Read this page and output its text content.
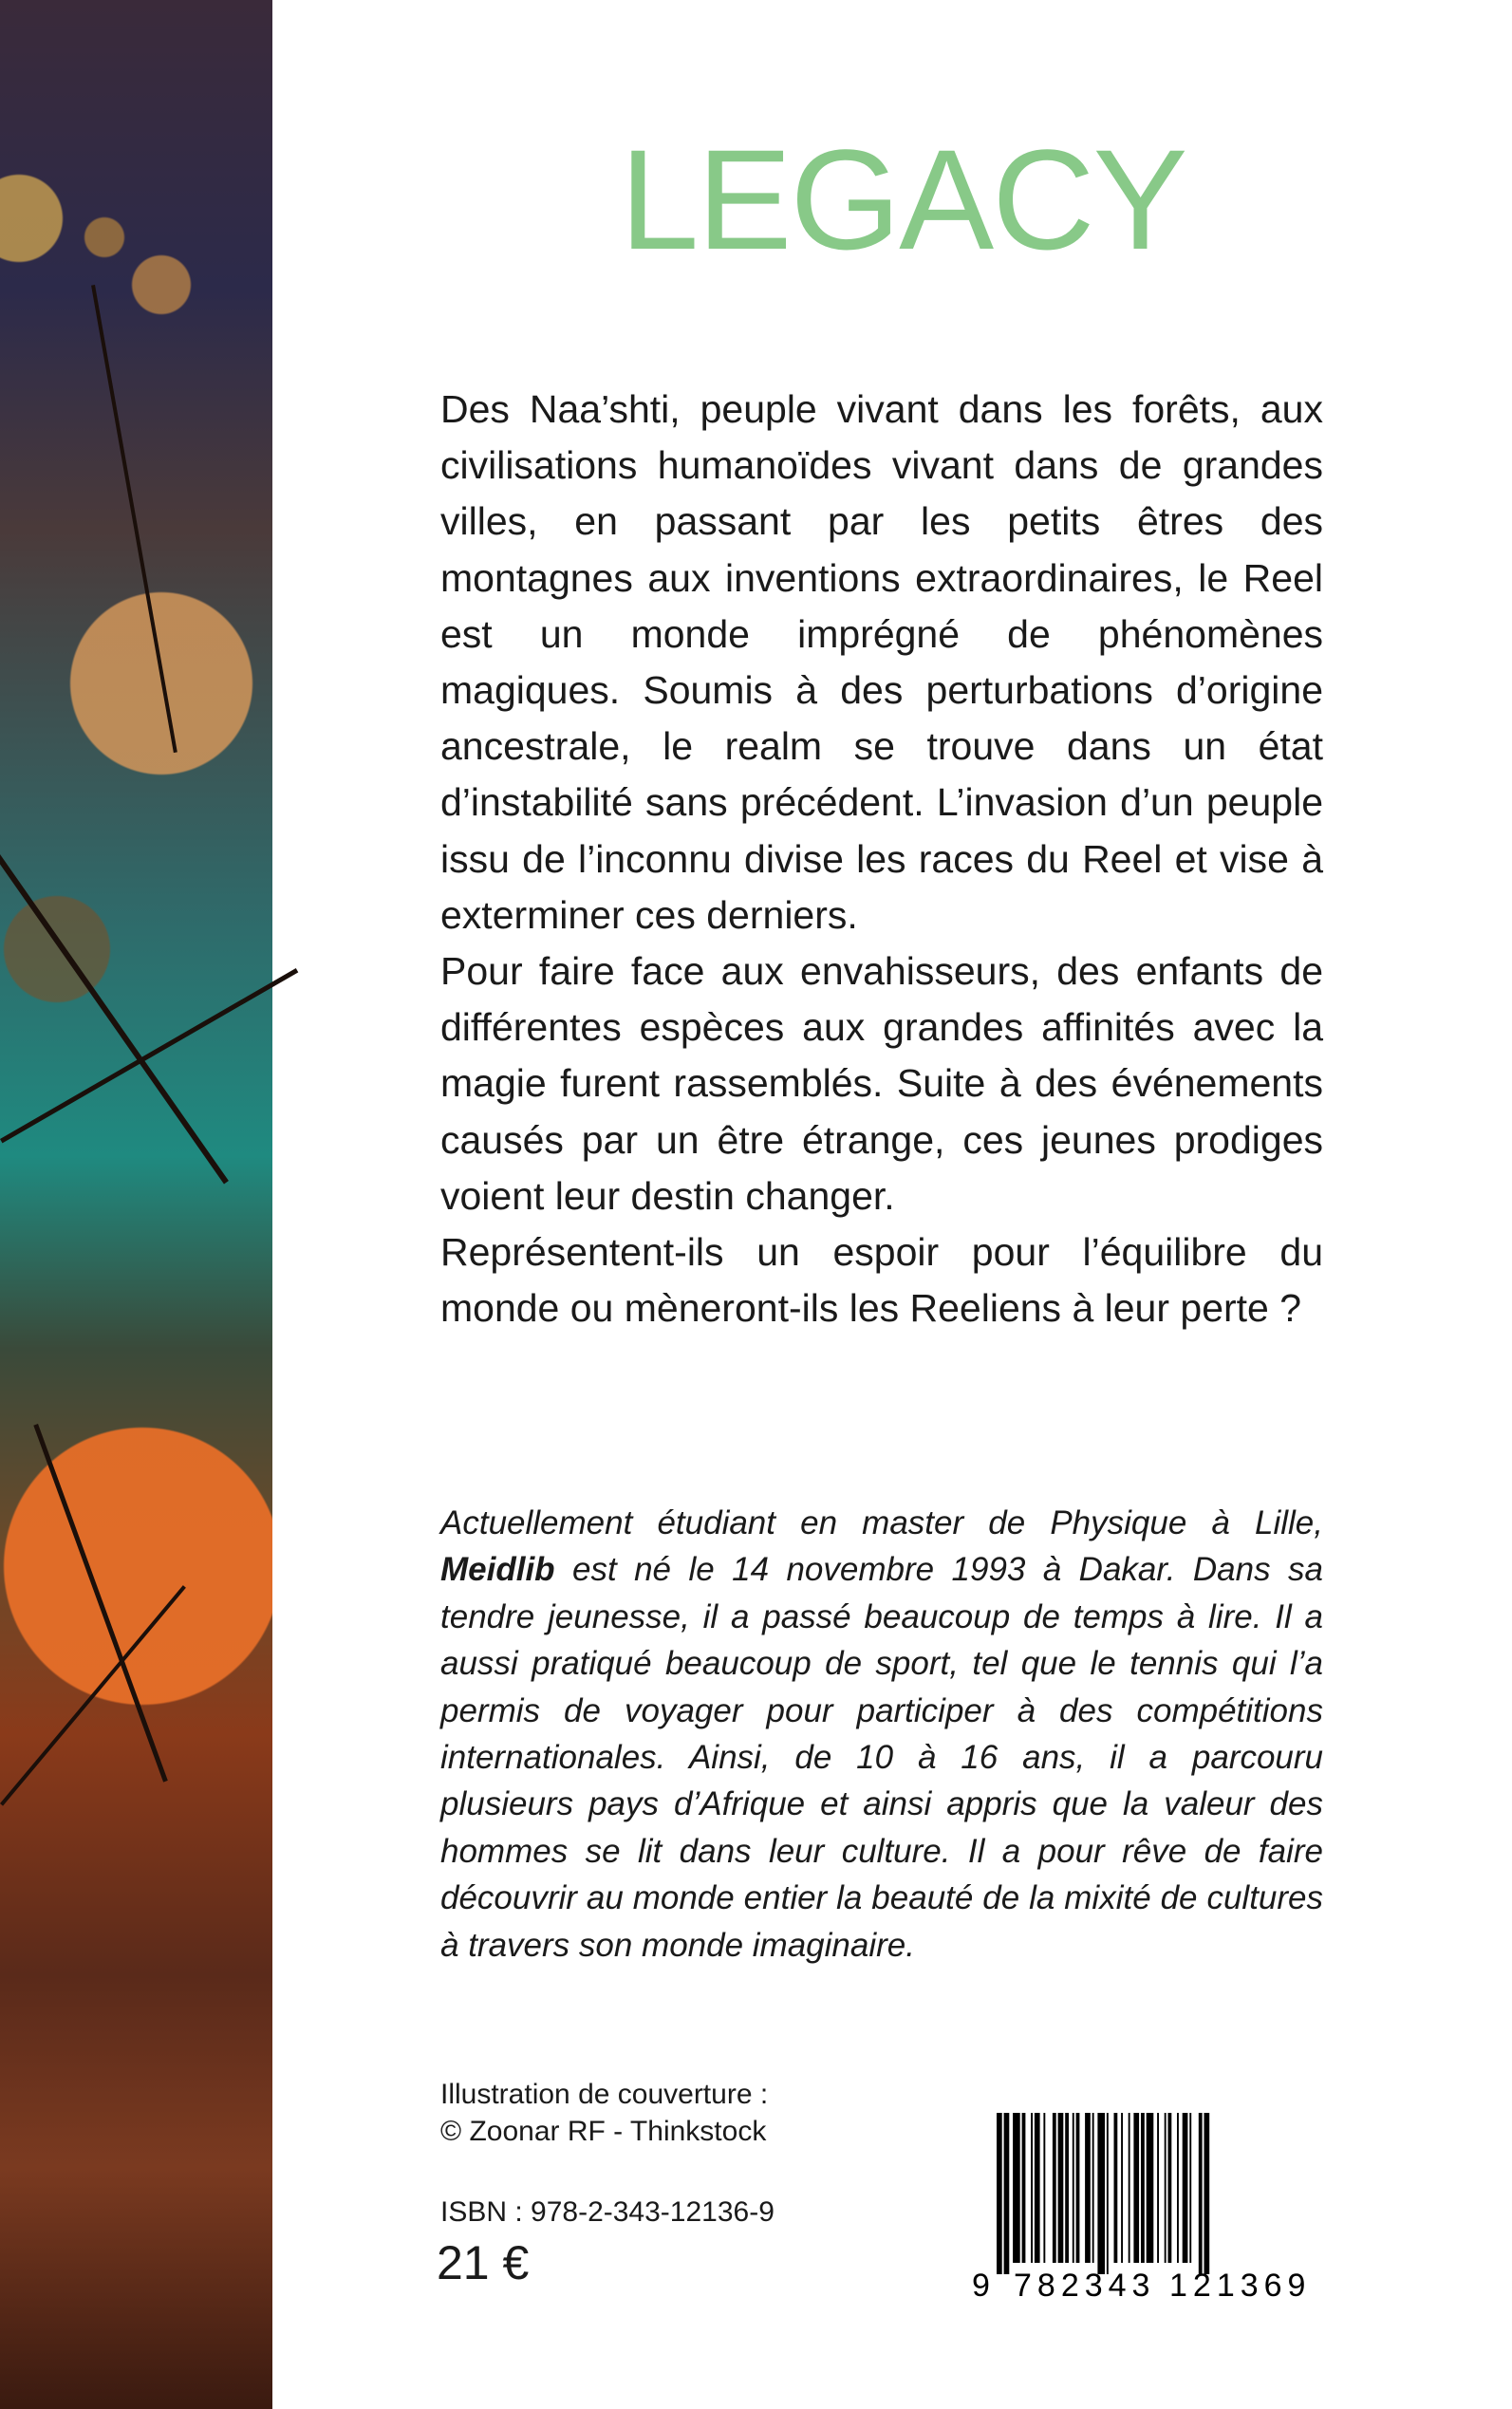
LEGACY

Des Naa’shti, peuple vivant dans les forêts, aux civilisations humanoïdes vivant dans de grandes villes, en passant par les petits êtres des montagnes aux inventions extraordinaires, le Reel est un monde imprégné de phénomènes magiques. Soumis à des perturbations d’origine ancestrale, le realm se trouve dans un état d’instabilité sans précédent. L’invasion d’un peuple issu de l’inconnu divise les races du Reel et vise à exterminer ces derniers.

Pour faire face aux envahisseurs, des enfants de différentes espèces aux grandes affinités avec la magie furent rassemblés. Suite à des événements causés par un être étrange, ces jeunes prodiges voient leur destin changer.

Représentent-ils un espoir pour l’équilibre du monde ou mèneront-ils les Reeliens à leur perte ?

Actuellement étudiant en master de Physique à Lille, Meidlib est né le 14 novembre 1993 à Dakar. Dans sa tendre jeunesse, il a passé beaucoup de temps à lire. Il a aussi pratiqué beaucoup de sport, tel que le tennis qui l’a permis de voyager pour participer à des compétitions internationales. Ainsi, de 10 à 16 ans, il a parcouru plusieurs pays d’Afrique et ainsi appris que la valeur des hommes se lit dans leur culture. Il a pour rêve de faire découvrir au monde entier la beauté de la mixité de cultures à travers son monde imaginaire.
Illustration de couverture :
© Zoonar RF - Thinkstock
ISBN : 978-2-343-12136-9
21 €	9 782343 121369
